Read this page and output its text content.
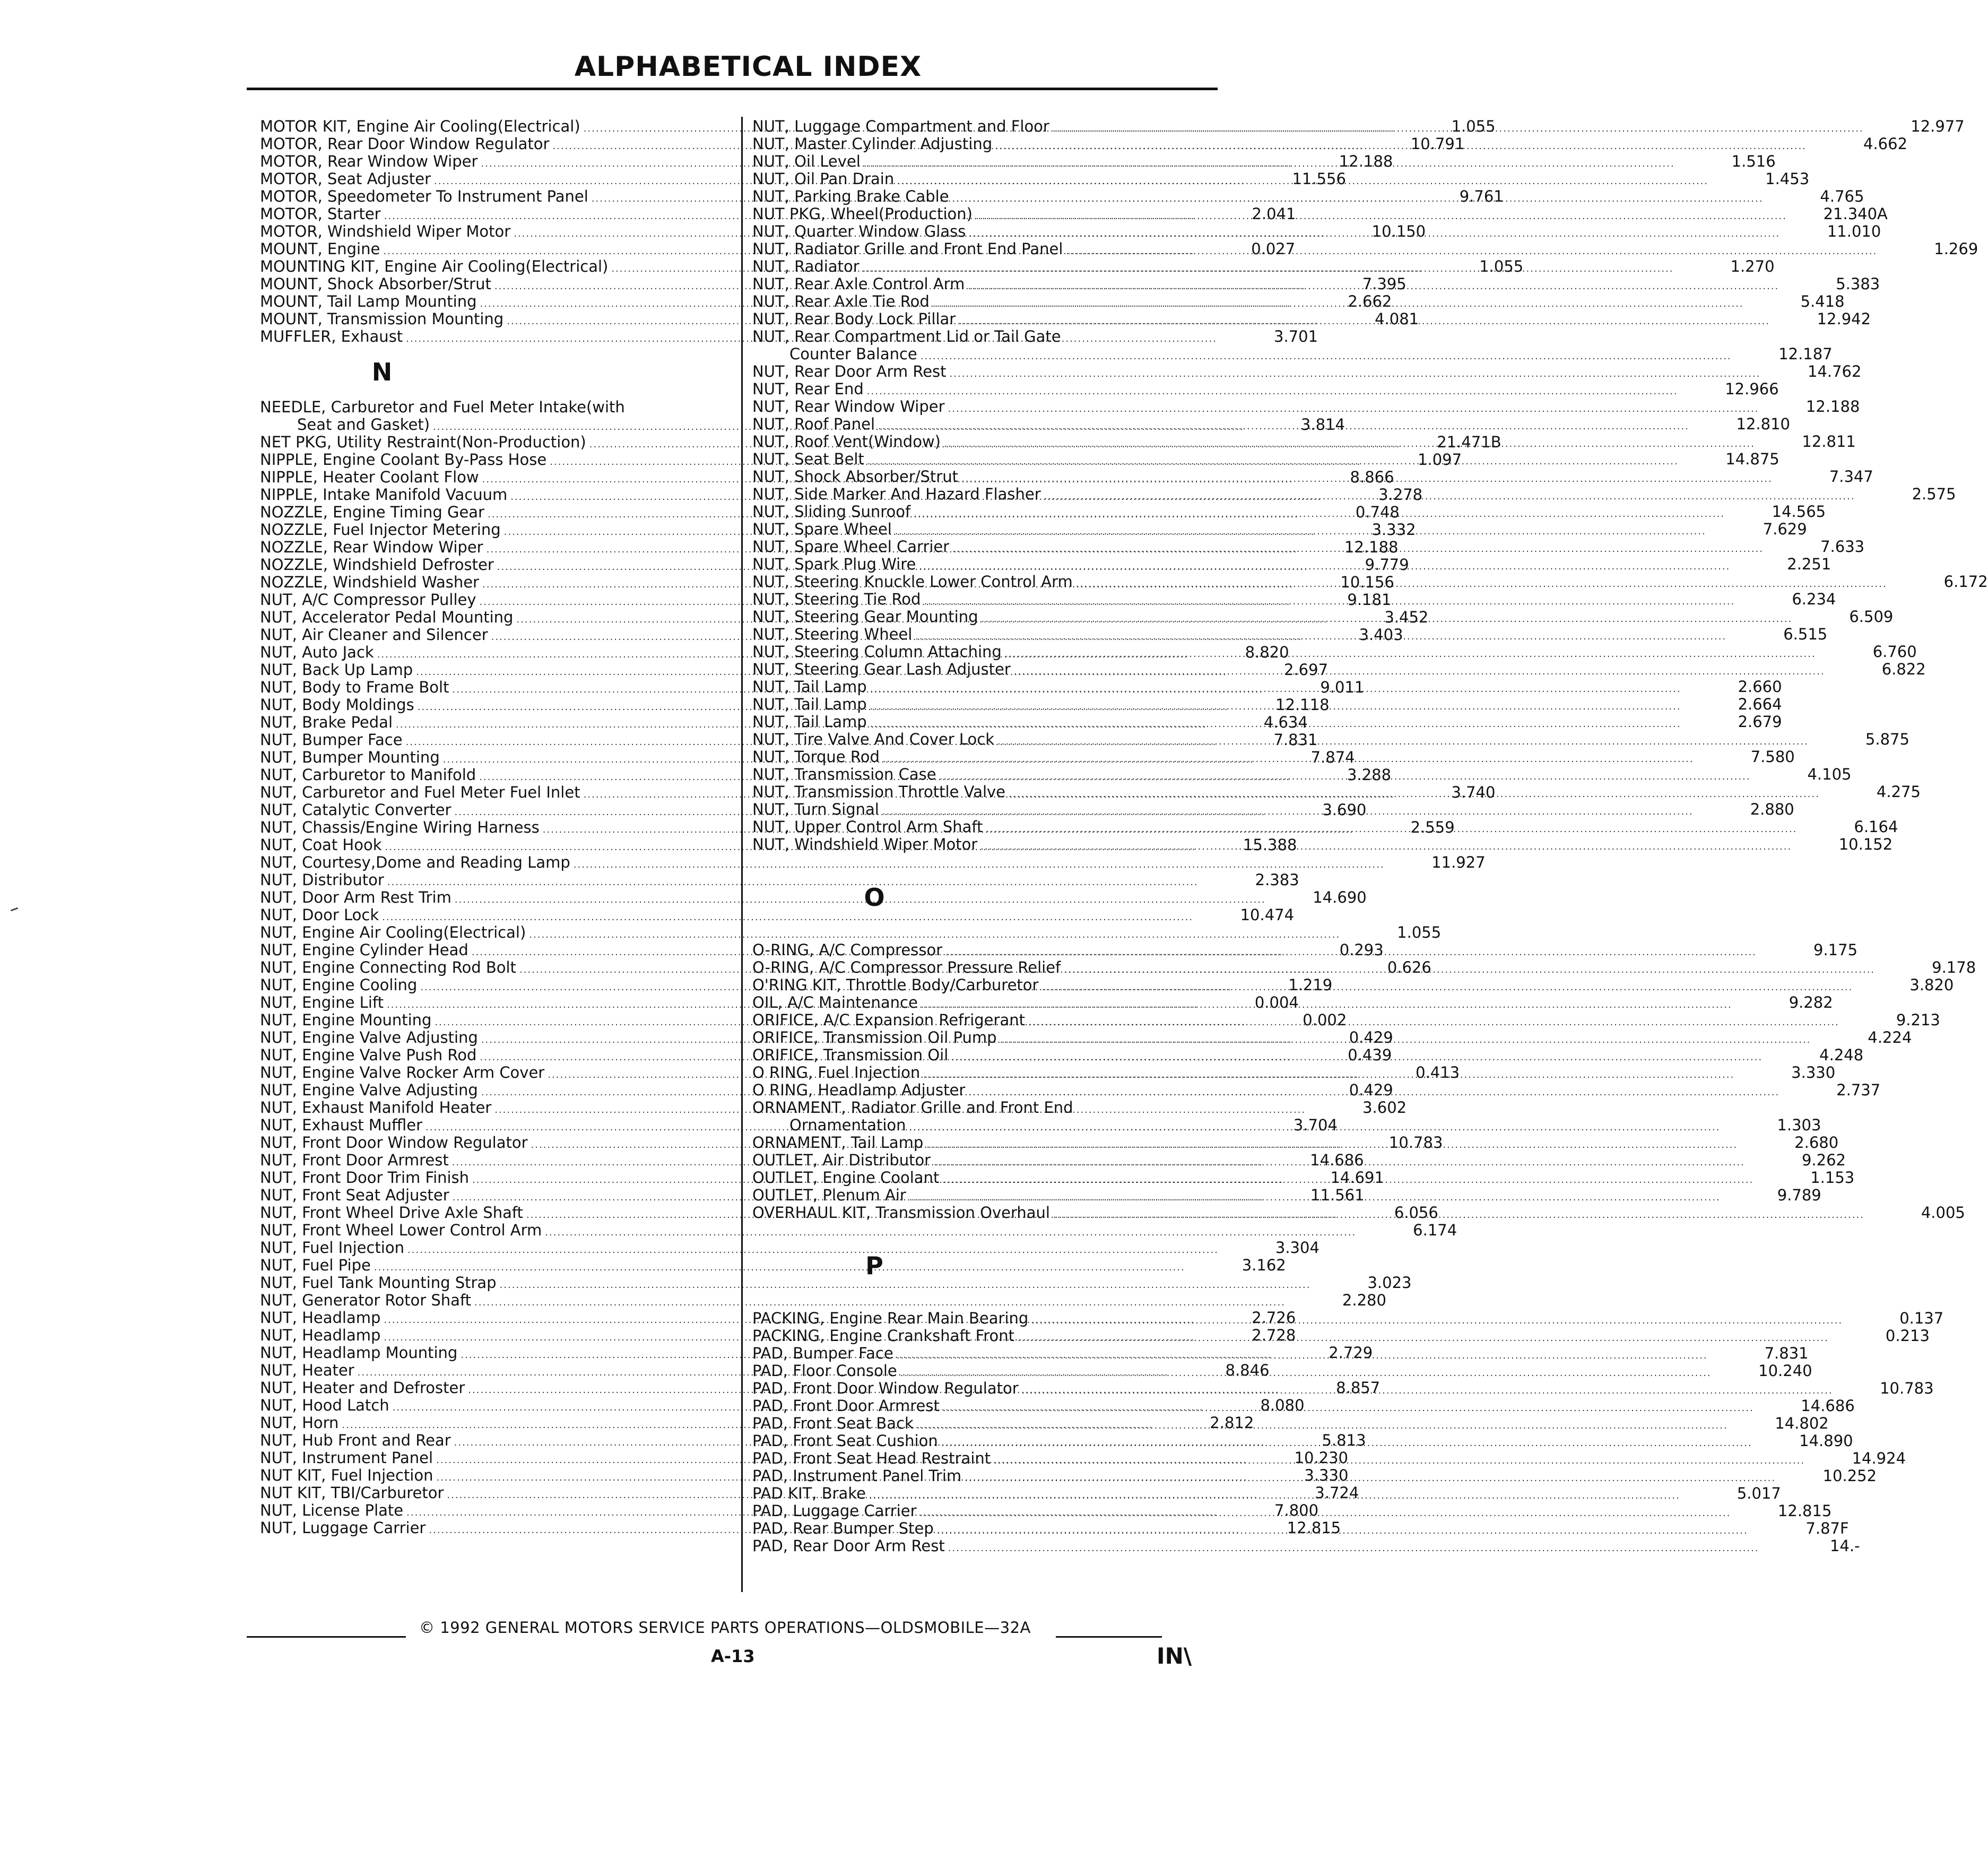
ALPHABETICAL INDEX
MOTOR KIT, Engine Air Cooling(Electrical) .....	1.055
MOTOR, Rear Door Window Regulator .....	10.791
MOTOR, Rear Window Wiper .....	12.188
MOTOR, Seat Adjuster .....	11.556
MOTOR, Speedometer To Instrument Panel .....	9.761
MOTOR, Starter .....	2.041
MOTOR, Windshield Wiper Motor .....	10.150
MOUNT, Engine .....	0.027
MOUNTING KIT, Engine Air Cooling(Electrical) .....	1.055
MOUNT, Shock Absorber/Strut .....	7.395
MOUNT, Tail Lamp Mounting .....	2.662
MOUNT, Transmission Mounting .....	4.081
MUFFLER, Exhaust .....	3.701
N
NEEDLE, Carburetor and Fuel Meter Intake(with
Seat and Gasket) .....	3.814
NET PKG, Utility Restraint(Non-Production) .....	21.471B
NIPPLE, Engine Coolant By-Pass Hose .....	1.097
NIPPLE, Heater Coolant Flow .....	8.866
NIPPLE, Intake Manifold Vacuum .....	3.278
NOZZLE, Engine Timing Gear .....	0.748
NOZZLE, Fuel Injector Metering .....	3.332
NOZZLE, Rear Window Wiper .....	12.188
NOZZLE, Windshield Defroster .....	9.779
NOZZLE, Windshield Washer .....	10.156
NUT, A/C Compressor Pulley .....	9.181
NUT, Accelerator Pedal Mounting .....	3.452
NUT, Air Cleaner and Silencer .....	3.403
NUT, Auto Jack .....	8.820
NUT, Back Up Lamp .....	2.697
NUT, Body to Frame Bolt .....	9.011
NUT, Body Moldings .....	12.118
NUT, Brake Pedal .....	4.634
NUT, Bumper Face .....	7.831
NUT, Bumper Mounting .....	7.874
NUT, Carburetor to Manifold .....	3.288
NUT, Carburetor and Fuel Meter Fuel Inlet .....	3.740
NUT, Catalytic Converter .....	3.690
NUT, Chassis/Engine Wiring Harness .....	2.559
NUT, Coat Hook .....	15.388
NUT, Courtesy,Dome and Reading Lamp .....	11.927
NUT, Distributor .....	2.383
NUT, Door Arm Rest Trim .....	14.690
NUT, Door Lock .....	10.474
NUT, Engine Air Cooling(Electrical) .....	1.055
NUT, Engine Cylinder Head .....	0.293
NUT, Engine Connecting Rod Bolt .....	0.626
NUT, Engine Cooling .....	1.219
NUT, Engine Lift .....	0.004
NUT, Engine Mounting .....	0.002
NUT, Engine Valve Adjusting .....	0.429
NUT, Engine Valve Push Rod .....	0.439
NUT, Engine Valve Rocker Arm Cover .....	0.413
NUT, Engine Valve Adjusting .....	0.429
NUT, Exhaust Manifold Heater .....	3.602
NUT, Exhaust Muffler .....	3.704
NUT, Front Door Window Regulator .....	10.783
NUT, Front Door Armrest .....	14.686
NUT, Front Door Trim Finish .....	14.691
NUT, Front Seat Adjuster .....	11.561
NUT, Front Wheel Drive Axle Shaft .....	6.056
NUT, Front Wheel Lower Control Arm .....	6.174
NUT, Fuel Injection .....	3.304
NUT, Fuel Pipe .....	3.162
NUT, Fuel Tank Mounting Strap .....	3.023
NUT, Generator Rotor Shaft .....	2.280
NUT, Headlamp .....	2.726
NUT, Headlamp .....	2.728
NUT, Headlamp Mounting .....	2.729
NUT, Heater .....	8.846
NUT, Heater and Defroster .....	8.857
NUT, Hood Latch .....	8.080
NUT, Horn .....	2.812
NUT, Hub Front and Rear .....	5.813
NUT, Instrument Panel .....	10.230
NUT KIT, Fuel Injection .....	3.330
NUT KIT, TBI/Carburetor .....	3.724
NUT, License Plate .....	7.800
NUT, Luggage Carrier .....	12.815
NUT, Luggage Compartment and Floor .....	12.977
NUT, Master Cylinder Adjusting .....	4.662
NUT, Oil Level .....	1.516
NUT, Oil Pan Drain .....	1.453
NUT, Parking Brake Cable .....	4.765
NUT PKG, Wheel(Production) .....	21.340A
NUT, Quarter Window Glass .....	11.010
NUT, Radiator Grille and Front End Panel .....	1.269
NUT, Radiator .....	1.270
NUT, Rear Axle Control Arm .....	5.383
NUT, Rear Axle Tie Rod .....	5.418
NUT, Rear Body Lock Pillar .....	12.942
NUT, Rear Compartment Lid or Tail Gate
Counter Balance .....	12.187
NUT, Rear Door Arm Rest .....	14.762
NUT, Rear End .....	12.966
NUT, Rear Window Wiper .....	12.188
NUT, Roof Panel .....	12.810
NUT, Roof Vent(Window) .....	12.811
NUT, Seat Belt .....	14.875
NUT, Shock Absorber/Strut .....	7.347
NUT, Side Marker And Hazard Flasher .....	2.575
NUT, Sliding Sunroof .....	14.565
NUT, Spare Wheel .....	7.629
NUT, Spare Wheel Carrier .....	7.633
NUT, Spark Plug Wire .....	2.251
NUT, Steering Knuckle Lower Control Arm .....	6.172
NUT, Steering Tie Rod .....	6.234
NUT, Steering Gear Mounting .....	6.509
NUT, Steering Wheel .....	6.515
NUT, Steering Column Attaching .....	6.760
NUT, Steering Gear Lash Adjuster .....	6.822
NUT, Tail Lamp .....	2.660
NUT, Tail Lamp .....	2.664
NUT, Tail Lamp .....	2.679
NUT, Tire Valve And Cover Lock .....	5.875
NUT, Torque Rod .....	7.580
NUT, Transmission Case .....	4.105
NUT, Transmission Throttle Valve .....	4.275
NUT, Turn Signal .....	2.880
NUT, Upper Control Arm Shaft .....	6.164
NUT, Windshield Wiper Motor .....	10.152
O
O-RING, A/C Compressor .....	9.175
O-RING, A/C Compressor Pressure Relief .....	9.178
O'RING KIT, Throttle Body/Carburetor .....	3.820
OIL, A/C Maintenance .....	9.282
ORIFICE, A/C Expansion Refrigerant .....	9.213
ORIFICE, Transmission Oil Pump .....	4.224
ORIFICE, Transmission Oil .....	4.248
O RING, Fuel Injection .....	3.330
O RING, Headlamp Adjuster .....	2.737
ORNAMENT, Radiator Grille and Front End
Ornamentation .....	1.303
ORNAMENT, Tail Lamp .....	2.680
OUTLET, Air Distributor .....	9.262
OUTLET, Engine Coolant .....	1.153
OUTLET, Plenum Air .....	9.789
OVERHAUL KIT, Transmission Overhaul .....	4.005
P
PACKING, Engine Rear Main Bearing .....	0.137
PACKING, Engine Crankshaft Front .....	0.213
PAD, Bumper Face .....	7.831
PAD, Floor Console .....	10.240
PAD, Front Door Window Regulator .....	10.783
PAD, Front Door Armrest .....	14.686
PAD, Front Seat Back .....	14.802
PAD, Front Seat Cushion .....	14.890
PAD, Front Seat Head Restraint .....	14.924
PAD, Instrument Panel Trim .....	10.252
PAD KIT, Brake .....	5.017
PAD, Luggage Carrier .....	12.815
PAD, Rear Bumper Step .....	7.87F
PAD, Rear Door Arm Rest .....	14.-
© 1992 GENERAL MOTORS SERVICE PARTS OPERATIONS—OLDSMOBILE—32A
A-13	IN\
